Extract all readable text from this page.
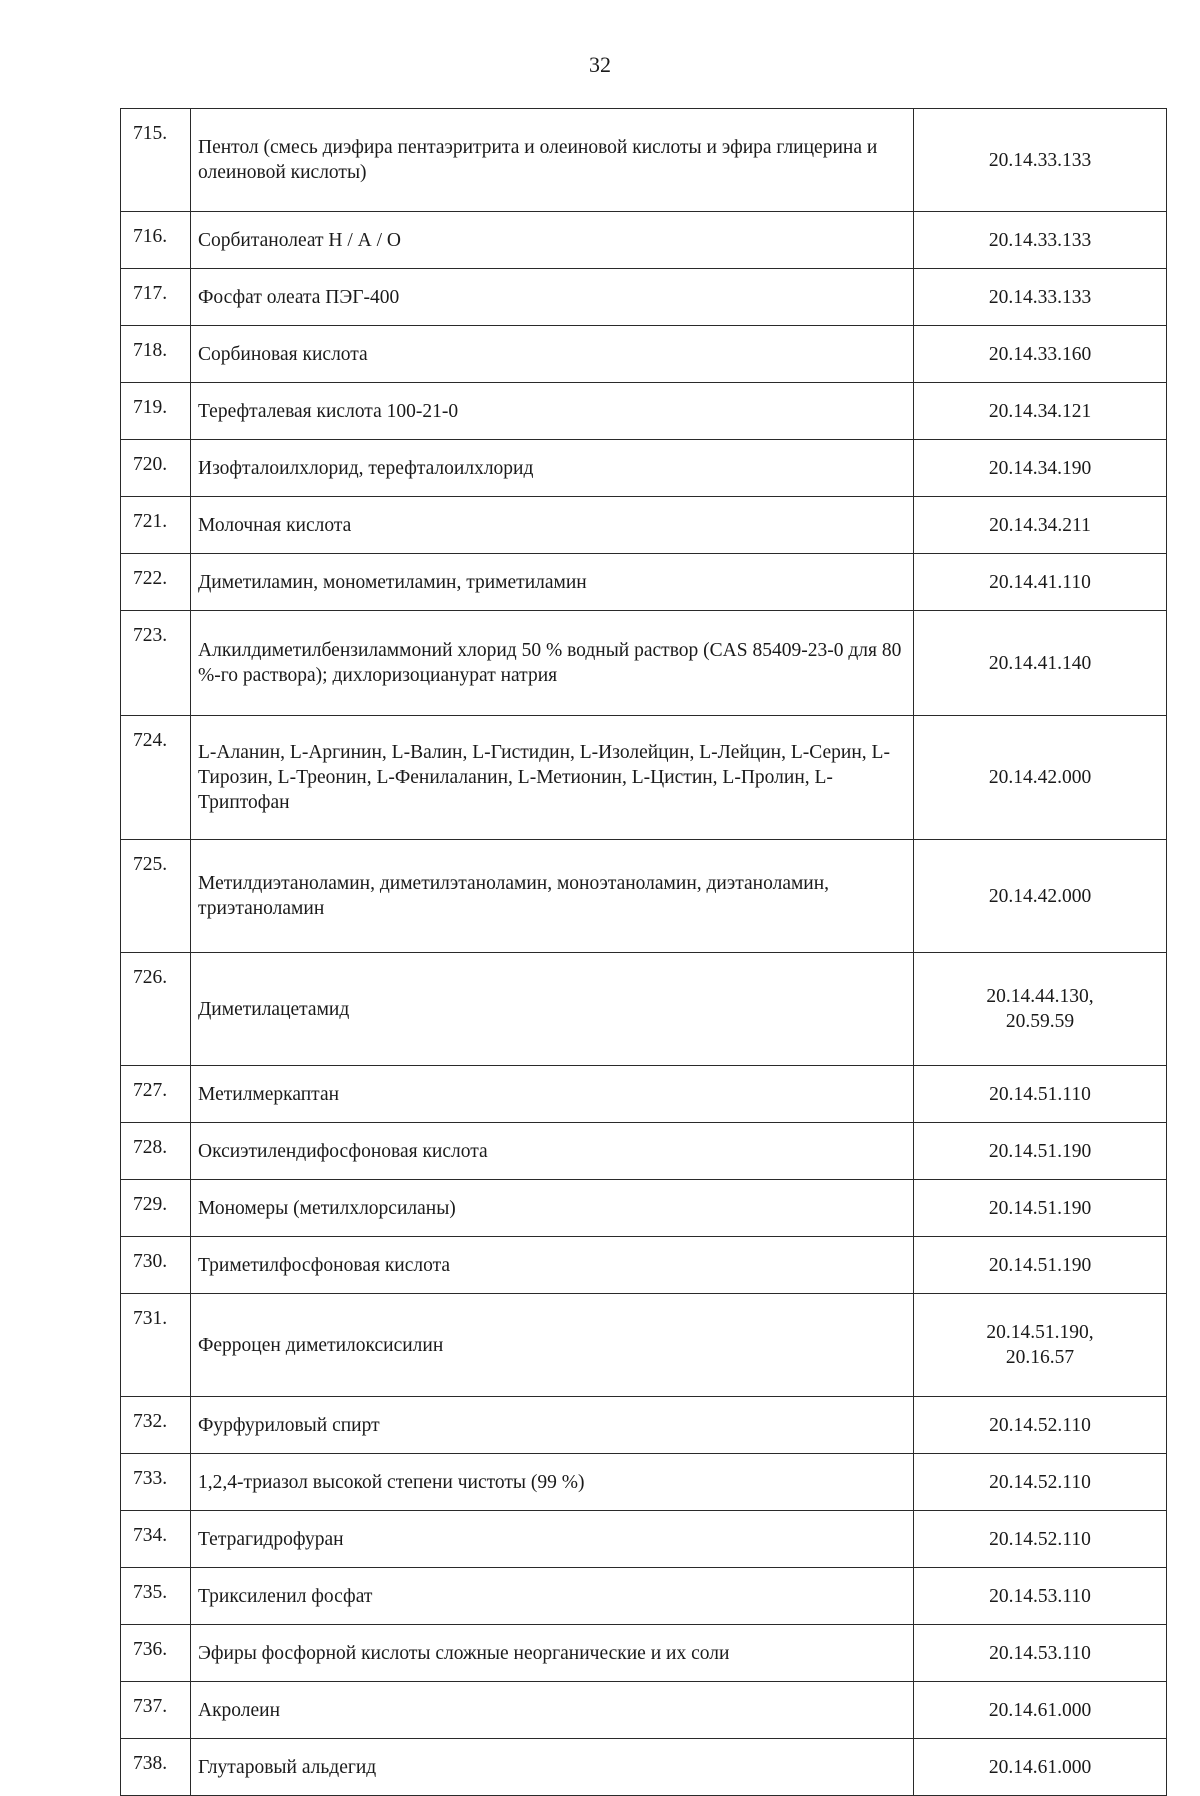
32
715.	Пентол (смесь диэфира пентаэритрита и олеиновой кислоты и эфира глицерина и олеиновой кислоты)	20.14.33.133

716.	Сорбитанолеат Н / А / О	20.14.33.133

717.	Фосфат олеата ПЭГ-400	20.14.33.133

718.	Сорбиновая кислота	20.14.33.160

719.	Терефталевая кислота 100-21-0	20.14.34.121

720.	Изофталоилхлорид, терефталоилхлорид	20.14.34.190

721.	Молочная кислота	20.14.34.211

722.	Диметиламин, монометиламин, триметиламин	20.14.41.110

723.	Алкилдиметилбензиламмоний хлорид 50 % водный раствор (CAS 85409-23-0 для 80 %-го раствора); дихлоризоцианурат натрия	20.14.41.140

724.	L-Аланин, L-Аргинин, L-Валин, L-Гистидин, L-Изолейцин, L-Лейцин, L-Серин, L-Тирозин, L-Треонин, L-Фенилаланин, L-Метионин, L-Цистин, L-Пролин, L-Триптофан	20.14.42.000

725.	Метилдиэтаноламин, диметилэтаноламин, моноэтаноламин, диэтаноламин, триэтаноламин	20.14.42.000

726.	Диметилацетамид	20.14.44.130,
20.59.59

727.	Метилмеркаптан	20.14.51.110

728.	Оксиэтилендифосфоновая кислота	20.14.51.190

729.	Мономеры (метилхлорсиланы)	20.14.51.190

730.	Триметилфосфоновая кислота	20.14.51.190

731.	Ферроцен диметилоксисилин	20.14.51.190,
20.16.57

732.	Фурфуриловый спирт	20.14.52.110

733.	1,2,4-триазол высокой степени чистоты (99 %)	20.14.52.110

734.	Тетрагидрофуран	20.14.52.110

735.	Триксиленил фосфат	20.14.53.110

736.	Эфиры фосфорной кислоты сложные неорганические и их соли	20.14.53.110

737.	Акролеин	20.14.61.000

738.	Глутаровый альдегид	20.14.61.000
